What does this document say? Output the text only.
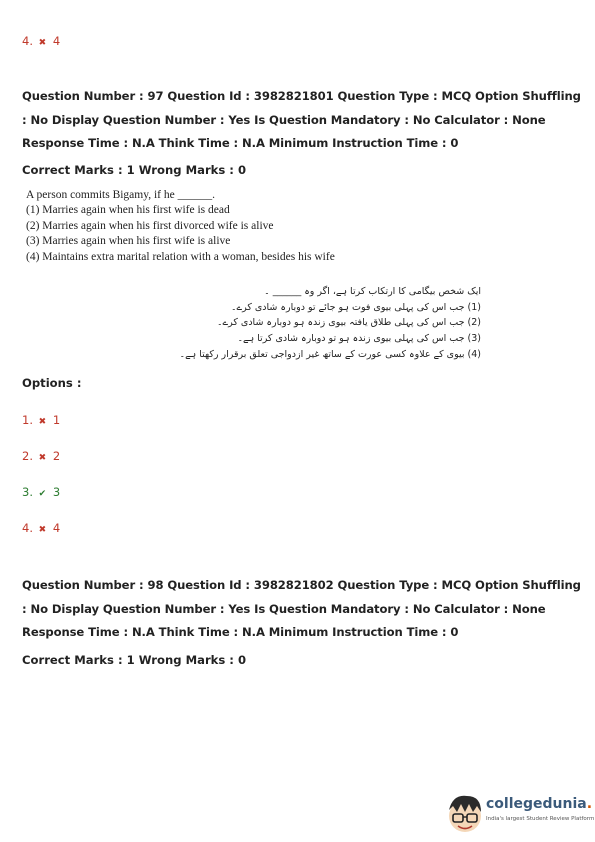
4. ✖ 4
Question Number : 97 Question Id : 3982821801 Question Type : MCQ Option Shuffling : No Display Question Number : Yes Is Question Mandatory : No Calculator : None Response Time : N.A Think Time : N.A Minimum Instruction Time : 0
Correct Marks : 1 Wrong Marks : 0
A person commits Bigamy, if he ______.
(1) Marries again when his first wife is dead
(2) Marries again when his first divorced wife is alive
(3) Marries again when his first wife is alive
(4) Maintains extra marital relation with a woman, besides his wife
ایک شخص بیگامی کا ارتکاب کرتا ہے، اگر وہ ______ ۔
(1) جب اس کی پہلی بیوی فوت ہو جائے تو دوبارہ شادی کرے۔
(2) جب اس کی پہلی طلاق یافتہ بیوی زندہ ہو دوبارہ شادی کرے۔
(3) جب اس کی پہلی بیوی زندہ ہو تو دوبارہ شادی کرتا ہے۔
(4) بیوی کے علاوہ کسی عورت کے ساتھ غیر ازدواجی تعلق برقرار رکھتا ہے۔
Options :
1. ✖ 1
2. ✖ 2
3. ✔ 3
4. ✖ 4
Question Number : 98 Question Id : 3982821802 Question Type : MCQ Option Shuffling : No Display Question Number : Yes Is Question Mandatory : No Calculator : None Response Time : N.A Think Time : N.A Minimum Instruction Time : 0
Correct Marks : 1 Wrong Marks : 0
collegedunia.
India's largest Student Review Platform
